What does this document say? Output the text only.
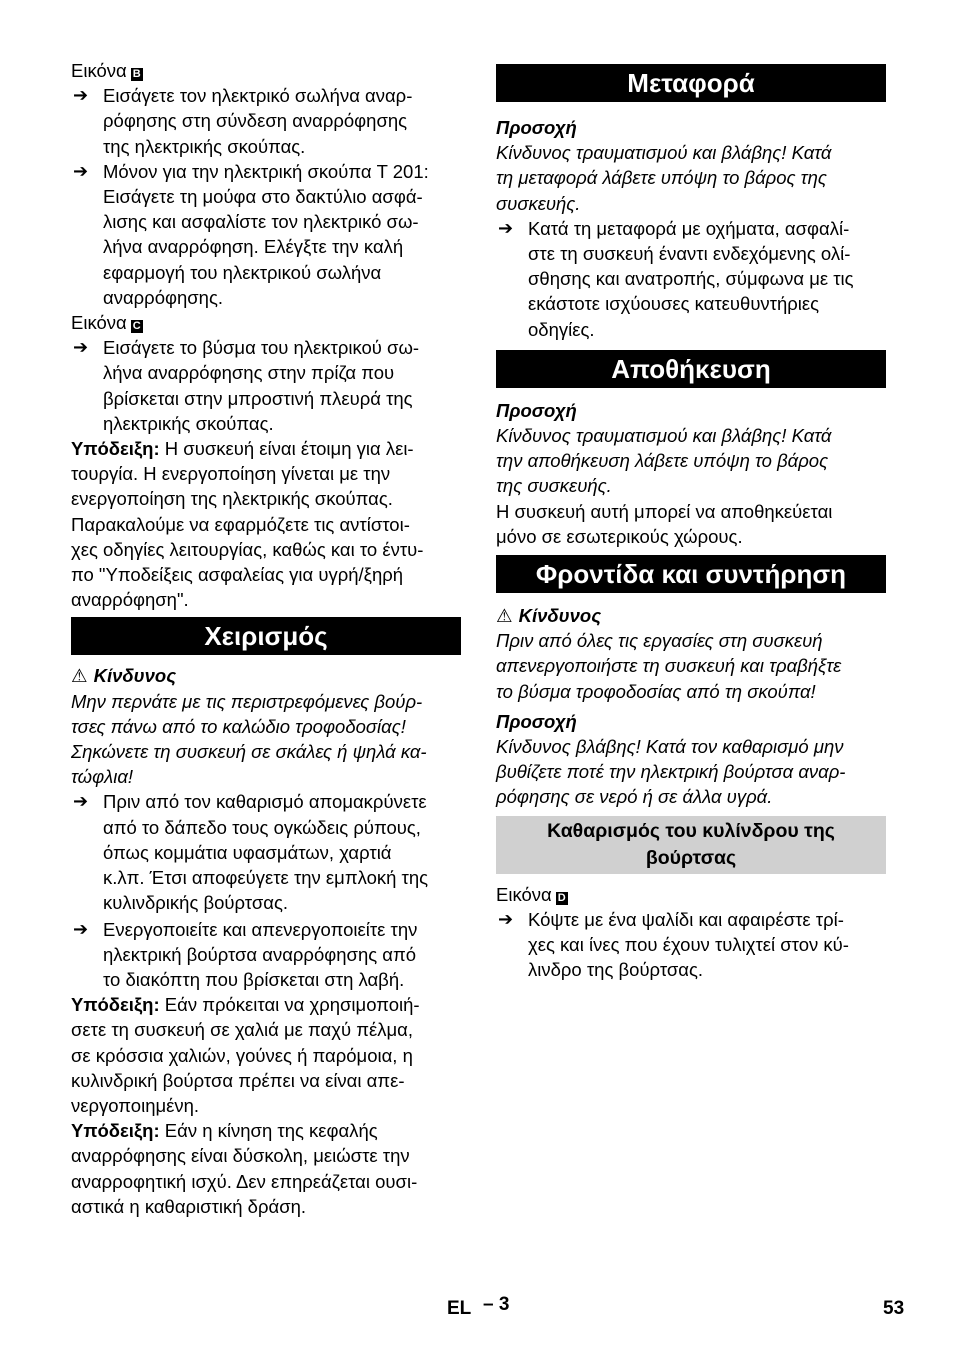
Εικόνα B

➔ Εισάγετε τον ηλεκτρικό σωλήνα αναρ-
ρόφησης στη σύνδεση αναρρόφησης
της ηλεκτρικής σκούπας.
➔ Μόνον για την ηλεκτρική σκούπα T 201:
Εισάγετε τη μούφα στο δακτύλιο ασφά-
λισης και ασφαλίστε τον ηλεκτρικό σω-
λήνα αναρρόφηση. Ελέγξτε την καλή
εφαρμογή του ηλεκτρικού σωλήνα
αναρρόφησης.

Εικόνα C

➔ Εισάγετε το βύσμα του ηλεκτρικού σω-
λήνα αναρρόφησης στην πρίζα που
βρίσκεται στην μπροστινή πλευρά της
ηλεκτρικής σκούπας.

Υπόδειξη: Η συσκευή είναι έτοιμη για λει-
τουργία. Η ενεργοποίηση γίνεται με την
ενεργοποίηση της ηλεκτρικής σκούπας.

Παρακαλούμε να εφαρμόζετε τις αντίστοι-
χες οδηγίες λειτουργίας, καθώς και το έντυ-
πο "Υποδείξεις ασφαλείας για υγρή/ξηρή
αναρρόφηση".

Χειρισμός

⚠ Κίνδυνος

Μην περνάτε με τις περιστρεφόμενες βούρ-
τσες πάνω από το καλώδιο τροφοδοσίας!
Σηκώνετε τη συσκευή σε σκάλες ή ψηλά κα-
τώφλια!

➔ Πριν από τον καθαρισμό απομακρύνετε
από το δάπεδο τους ογκώδεις ρύπους,
όπως κομμάτια υφασμάτων, χαρτιά
κ.λπ. Έτσι αποφεύγετε την εμπλοκή της
κυλινδρικής βούρτσας.
➔ Ενεργοποιείτε και απενεργοποιείτε την
ηλεκτρική βούρτσα αναρρόφησης από
το διακόπτη που βρίσκεται στη λαβή.

Υπόδειξη: Εάν πρόκειται να χρησιμοποιή-
σετε τη συσκευή σε χαλιά με παχύ πέλμα,
σε κρόσσια χαλιών, γούνες ή παρόμοια, η
κυλινδρική βούρτσα πρέπει να είναι απε-
νεργοποιημένη.

Υπόδειξη: Εάν η κίνηση της κεφαλής
αναρρόφησης είναι δύσκολη, μειώστε την
αναρροφητική ισχύ. Δεν επηρεάζεται ουσι-
αστικά η καθαριστική δράση.

Μεταφορά

Προσοχή

Κίνδυνος τραυματισμού και βλάβης! Κατά
τη μεταφορά λάβετε υπόψη το βάρος της
συσκευής.

➔ Κατά τη μεταφορά με οχήματα, ασφαλί-
στε τη συσκευή έναντι ενδεχόμενης ολί-
σθησης και ανατροπής, σύμφωνα με τις
εκάστοτε ισχύουσες κατευθυντήριες
οδηγίες.
Αποθήκευση

Προσοχή

Κίνδυνος τραυματισμού και βλάβης! Κατά
την αποθήκευση λάβετε υπόψη το βάρος
της συσκευής.

Η συσκευή αυτή μπορεί να αποθηκεύεται
μόνο σε εσωτερικούς χώρους.

Φροντίδα και συντήρηση

⚠ Κίνδυνος

Πριν από όλες τις εργασίες στη συσκευή
απενεργοποιήστε τη συσκευή και τραβήξτε
το βύσμα τροφοδοσίας από τη σκούπα!

Προσοχή

Κίνδυνος βλάβης! Κατά τον καθαρισμό μην
βυθίζετε ποτέ την ηλεκτρική βούρτσα αναρ-
ρόφησης σε νερό ή σε άλλα υγρά.

Καθαρισμός του κυλίνδρου της
βούρτσας

Εικόνα D

➔ Κόψτε με ένα ψαλίδι και αφαιρέστε τρί-
χες και ίνες που έχουν τυλιχτεί στον κύ-
λινδρο της βούρτσας.
EL – 3	53
